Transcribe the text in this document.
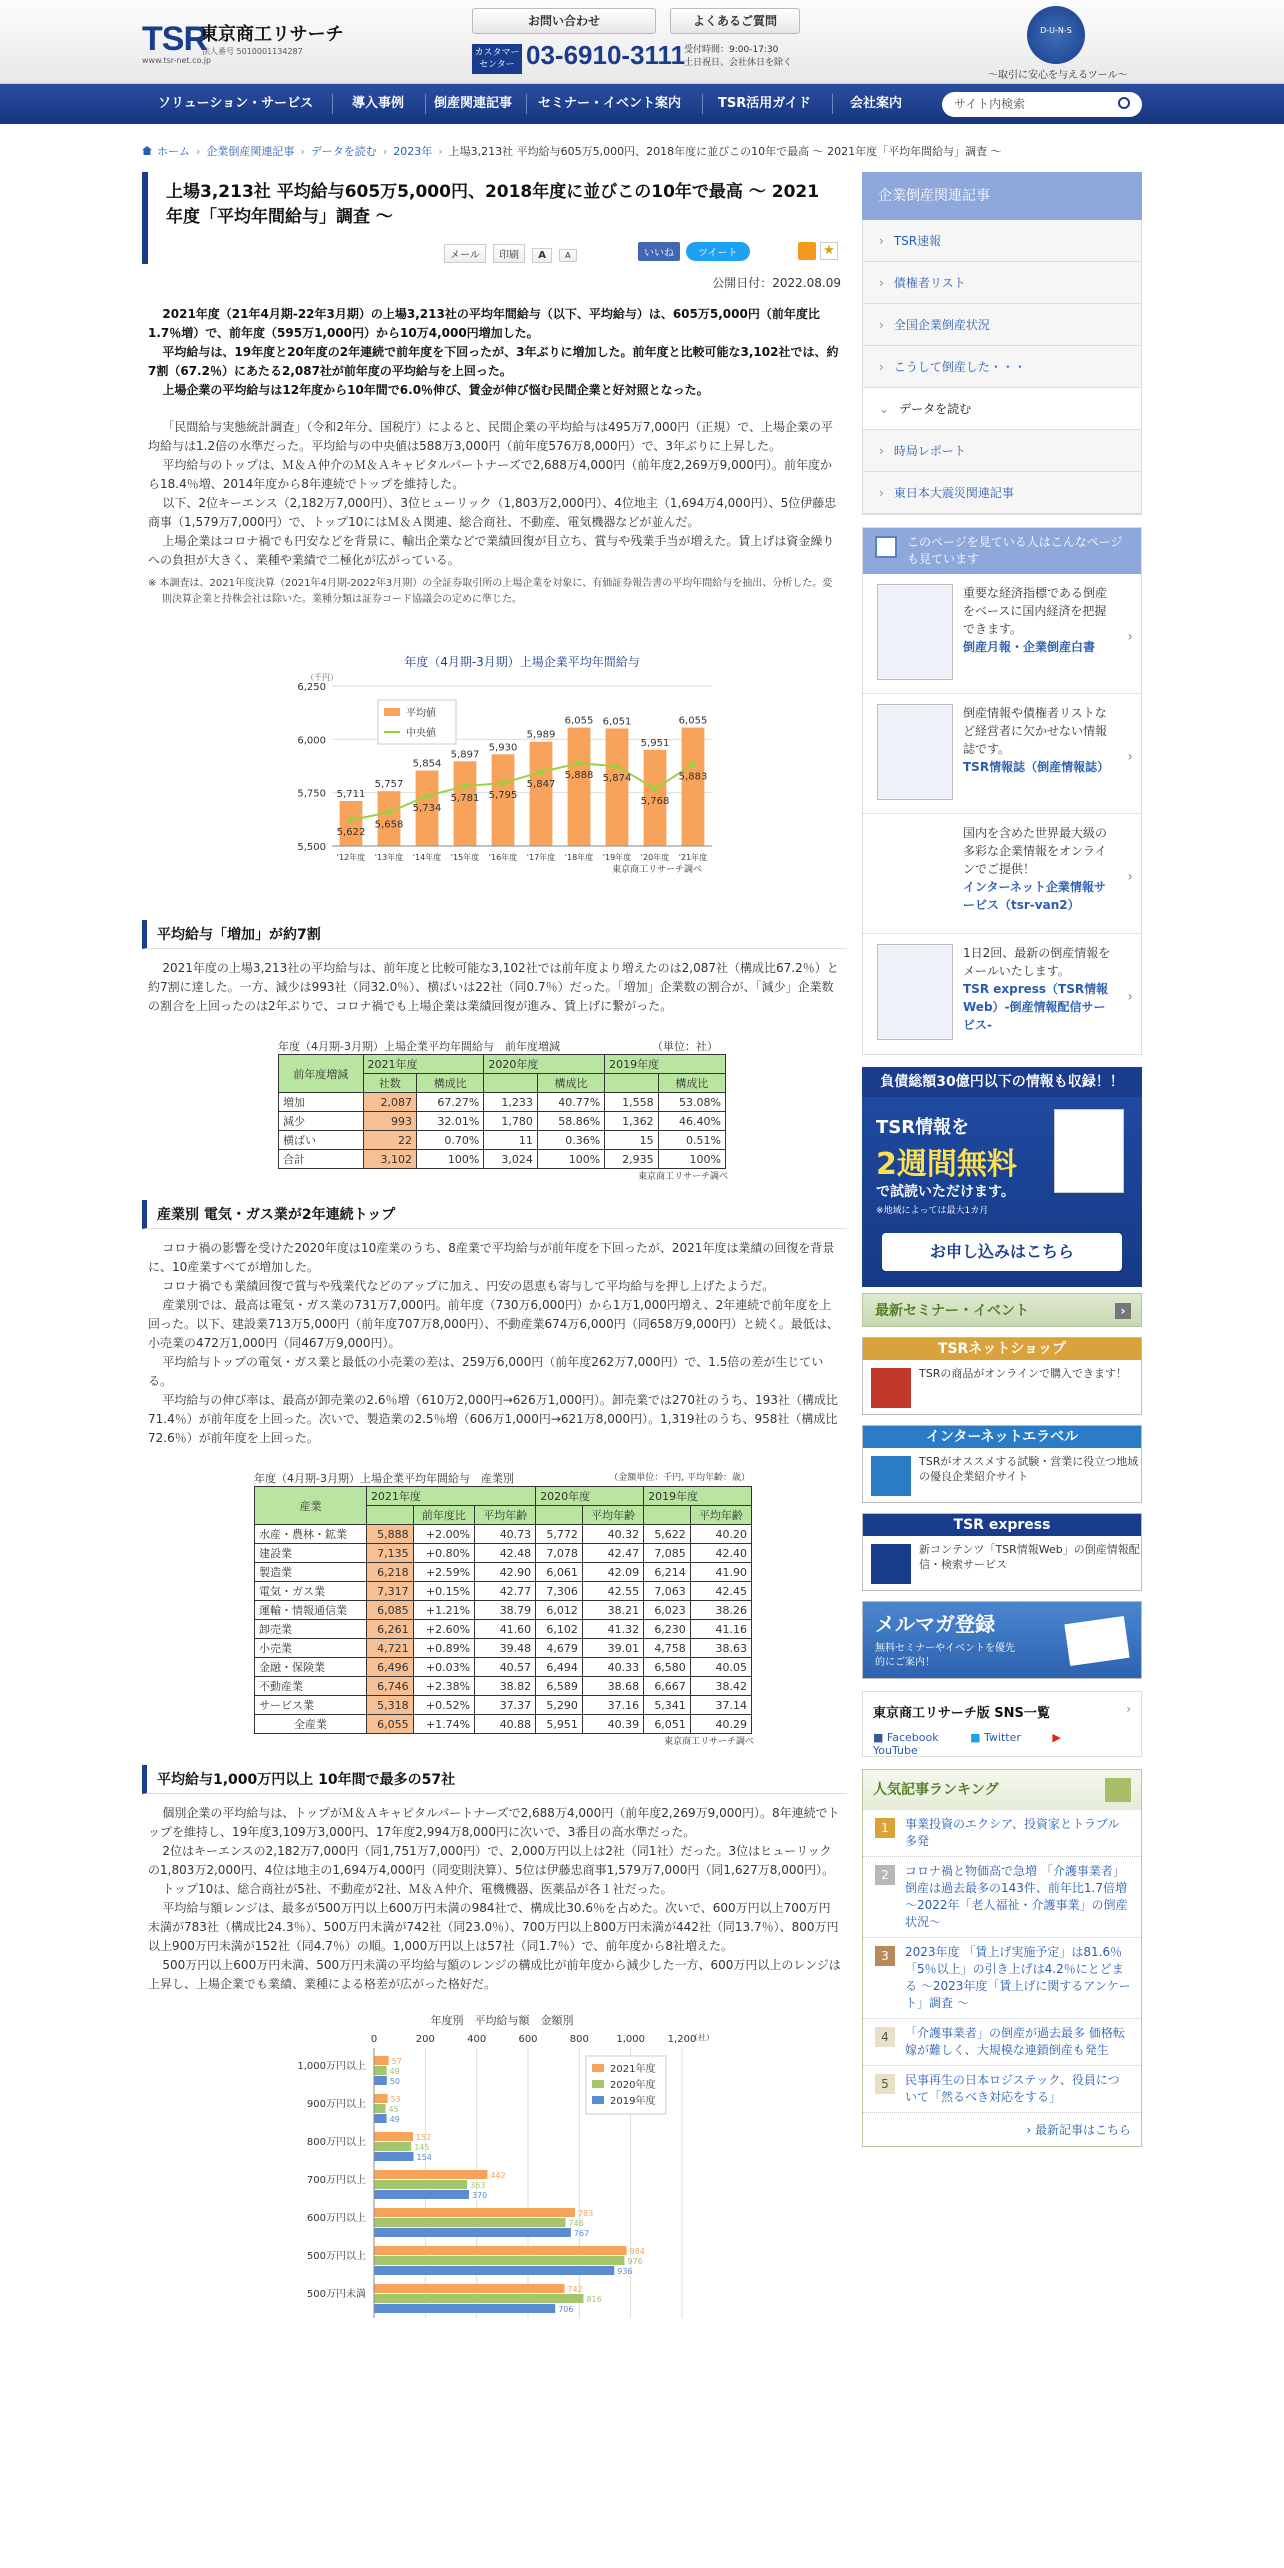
TSR
www.tsr-net.co.jp
東京商工リサーチ
法人番号 5010001134287
お問い合わせ	よくあるご質問
カスタマーセンター 03-6910-3111
受付時間：9:00-17:30
土日祝日、会社休日を除く
D-U-N-S
〜取引に安心を与えるツール〜
ソリューション・サービス	導入事例 倒産関連記事 セミナー・イベント案内	TSR活用ガイド	会社案内	サイト内検索
ホーム › 企業倒産関連記事 › データを読む › 2023年 › 上場3,213社 平均給与605万5,000円、2018年度に並びこの10年で最高 ～ 2021年度「平均年間給与」調査 ～
上場3,213社 平均給与605万5,000円、2018年度に並びこの10年で最高 ～ 2021年度「平均年間給与」調査 ～
メール 印刷 A A	いいね	ツイート	★
公開日付：2022.08.09

2021年度（21年4月期-22年3月期）の上場3,213社の平均年間給与（以下、平均給与）は、605万5,000円（前年度比1.7％増）で、前年度（595万1,000円）から10万4,000円増加した。

平均給与は、19年度と20年度の2年連続で前年度を下回ったが、3年ぶりに増加した。前年度と比較可能な3,102社では、約7割（67.2％）にあたる2,087社が前年度の平均給与を上回った。

上場企業の平均給与は12年度から10年間で6.0％伸び、賃金が伸び悩む民間企業と好対照となった。

「民間給与実態統計調査」（令和2年分、国税庁）によると、民間企業の平均給与は495万7,000円（正規）で、上場企業の平均給与は1.2倍の水準だった。平均給与の中央値は588万3,000円（前年度576万8,000円）で、3年ぶりに上昇した。

平均給与のトップは、Ｍ＆Ａ仲介のＭ＆Ａキャピタルパートナーズで2,688万4,000円（前年度2,269万9,000円）。前年度から18.4％増、2014年度から8年連続でトップを維持した。

以下、2位キーエンス（2,182万7,000円）、3位ヒューリック（1,803万2,000円）、4位地主（1,694万4,000円）、5位伊藤忠商事（1,579万7,000円）で、トップ10にはＭ＆Ａ関連、総合商社、不動産、電気機器などが並んだ。

上場企業はコロナ禍でも円安などを背景に、輸出企業などで業績回復が目立ち、賞与や残業手当が増えた。賃上げは資金繰りへの負担が大きく、業種や業績で二極化が広がっている。

※ 本調査は、2021年度決算（2021年4月期-2022年3月期）の全証券取引所の上場企業を対象に、有価証券報告書の平均年間給与を抽出、分析した。変則決算企業と持株会社は除いた。業種分類は証券コード協議会の定めに準じた。
年度（4月期-3月期）上場企業平均年間給与
（千円）
5,500
5,750
6,000
6,250
5,711
'12年度
5,757
'13年度
5,854
'14年度
5,897
'15年度
5,930
'16年度
5,989
'17年度
6,055
'18年度
6,051
'19年度
5,951
'20年度
6,055
'21年度
5,622
5,658
5,734
5,781 5,795
5,847
5,888 5,874
5,768
5,883
平均値
中央値
東京商工リサーチ調べ
平均給与「増加」が約7割

2021年度の上場3,213社の平均給与は、前年度と比較可能な3,102社では前年度より増えたのは2,087社（構成比67.2％）と約7割に達した。一方、減少は993社（同32.0％）、横ばいは22社（同0.7％）だった。「増加」企業数の割合が、「減少」企業数の割合を上回ったのは2年ぶりで、コロナ禍でも上場企業は業績回復が進み、賃上げに繋がった。

年度（4月期-3月期）上場企業平均年間給与　前年度増減	（単位：社）
前年度増減	2021年度		2020年度		2019年度	
	社数	構成比		構成比		構成比
増加	2,087	67.27%	1,233	40.77%	1,558	53.08%
減少	993	32.01%	1,780	58.86%	1,362	46.40%
横ばい	22	0.70%	11	0.36%	15	0.51%
合計	3,102	100%	3,024	100%	2,935	100%
東京商工リサーチ調べ
産業別 電気・ガス業が2年連続トップ

コロナ禍の影響を受けた2020年度は10産業のうち、8産業で平均給与が前年度を下回ったが、2021年度は業績の回復を背景に、10産業すべてが増加した。

コロナ禍でも業績回復で賞与や残業代などのアップに加え、円安の恩恵も寄与して平均給与を押し上げたようだ。

産業別では、最高は電気・ガス業の731万7,000円。前年度（730万6,000円）から1万1,000円増え、2年連続で前年度を上回った。以下、建設業713万5,000円（前年度707万8,000円）、不動産業674万6,000円（同658万9,000円）と続く。最低は、小売業の472万1,000円（同467万9,000円）。

平均給与トップの電気・ガス業と最低の小売業の差は、259万6,000円（前年度262万7,000円）で、1.5倍の差が生じている。

平均給与の伸び率は、最高が卸売業の2.6％増（610万2,000円→626万1,000円）。卸売業では270社のうち、193社（構成比71.4％）が前年度を上回った。次いで、製造業の2.5％増（606万1,000円→621万8,000円）。1,319社のうち、958社（構成比72.6％）が前年度を上回った。

年度（4月期-3月期）上場企業平均年間給与　産業別	（金額単位：千円, 平均年齢：歳）
産業	2021年度			2020年度		2019年度	
		前年度比	平均年齢		平均年齢		平均年齢
水産・農林・鉱業	5,888	+2.00%	40.73	5,772	40.32	5,622	40.20
建設業	7,135	+0.80%	42.48	7,078	42.47	7,085	42.40
製造業	6,218	+2.59%	42.90	6,061	42.09	6,214	41.90
電気・ガス業	7,317	+0.15%	42.77	7,306	42.55	7,063	42.45
運輸・情報通信業	6,085	+1.21%	38.79	6,012	38.21	6,023	38.26
卸売業	6,261	+2.60%	41.60	6,102	41.32	6,230	41.16
小売業	4,721	+0.89%	39.48	4,679	39.01	4,758	38.63
金融・保険業	6,496	+0.03%	40.57	6,494	40.33	6,580	40.05
不動産業	6,746	+2.38%	38.82	6,589	38.68	6,667	38.42
サービス業	5,318	+0.52%	37.37	5,290	37.16	5,341	37.14
全産業	6,055	+1.74%	40.88	5,951	40.39	6,051	40.29
東京商工リサーチ調べ
平均給与1,000万円以上 10年間で最多の57社

個別企業の平均給与は、トップがＭ＆Ａキャピタルパートナーズで2,688万4,000円（前年度2,269万9,000円）。8年連続でトップを維持し、19年度3,109万3,000円、17年度2,994万8,000円に次いで、3番目の高水準だった。

2位はキーエンスの2,182万7,000円（同1,751万7,000円）で、2,000万円以上は2社（同1社）だった。3位はヒューリックの1,803万2,000円、4位は地主の1,694万4,000円（同変則決算）、5位は伊藤忠商事1,579万7,000円（同1,627万8,000円）。

トップ10は、総合商社が5社、不動産が2社、Ｍ＆Ａ仲介、電機機器、医薬品が各１社だった。

平均給与額レンジは、最多が500万円以上600万円未満の984社で、構成比30.6％を占めた。次いで、600万円以上700万円未満が783社（構成比24.3％）、500万円未満が742社（同23.0％）、700万円以上800万円未満が442社（同13.7％）、800万円以上900万円未満が152社（同4.7％）の順。1,000万円以上は57社（同1.7％）で、前年度から8社増えた。

500万円以上600万円未満、500万円未満の平均給与額のレンジの構成比が前年度から減少した一方、600万円以上のレンジは上昇し、上場企業でも業績、業種による格差が広がった格好だ。

年度別　平均給与額　金額別
（社）
0	200	400	600	800	1,000 1,200
1,000万円以上	57
49
50
900万円以上	53
45
49
800万円以上	152
145
154
700万円以上	442
363
370
600万円以上	783
746
767
500万円以上	984
976
936
500万円未満	742
816
706
2021年度
2020年度
2019年度
企業倒産関連記事
› TSR速報
› 債権者リスト
› 全国企業倒産状況
› こうして倒産した・・・
⌄ データを読む
› 時局レポート
› 東日本大震災関連記事
このページを見ている人はこんなページも見ています
重要な経済指標である倒産をベースに国内経済を把握できます。
倒産月報・企業倒産白書
›
倒産情報や債権者リストなど経営者に欠かせない情報誌です。
TSR情報誌（倒産情報誌）
›
国内を含めた世界最大級の多彩な企業情報をオンラインでご提供！
インターネット企業情報サービス（tsr-van2）
›
1日2回、最新の倒産情報をメールいたします。
TSR express（TSR情報Web）-倒産情報配信サービス-
›
負債総額30億円以下の情報も収録！！
TSR情報を
2週間無料
で試読いただけます。
※地域によっては最大1カ月
お申し込みはこちら
最新セミナー・イベント	›
TSRネットショップ
TSRの商品がオンラインで購入できます！
インターネットエラベル
TSRがオススメする試験・営業に役立つ地域の優良企業紹介サイト
TSR express
新コンテンツ「TSR情報Web」の倒産情報配信・検索サービス
メルマガ登録
無料セミナーやイベントを優先的にご案内！
東京商工リサーチ版 SNS一覧	›
■ Facebook	■ Twitter	▶ YouTube
人気記事ランキング
1	事業投資のエクシア、投資家とトラブル多発
2	コロナ禍と物価高で急増 「介護事業者」倒産は過去最多の143件、前年比1.7倍増 ～2022年「老人福祉・介護事業」の倒産状況～
3	2023年度 「賃上げ実施予定」は81.6％ 「5％以上」の引き上げは4.2％にとどまる ～2023年度「賃上げに関するアンケート」調査 ～
4	「介護事業者」の倒産が過去最多 価格転嫁が難しく、大規模な連鎖倒産も発生
5	民事再生の日本ロジステック、役員について「然るべき対応をする」
› 最新記事はこちら
